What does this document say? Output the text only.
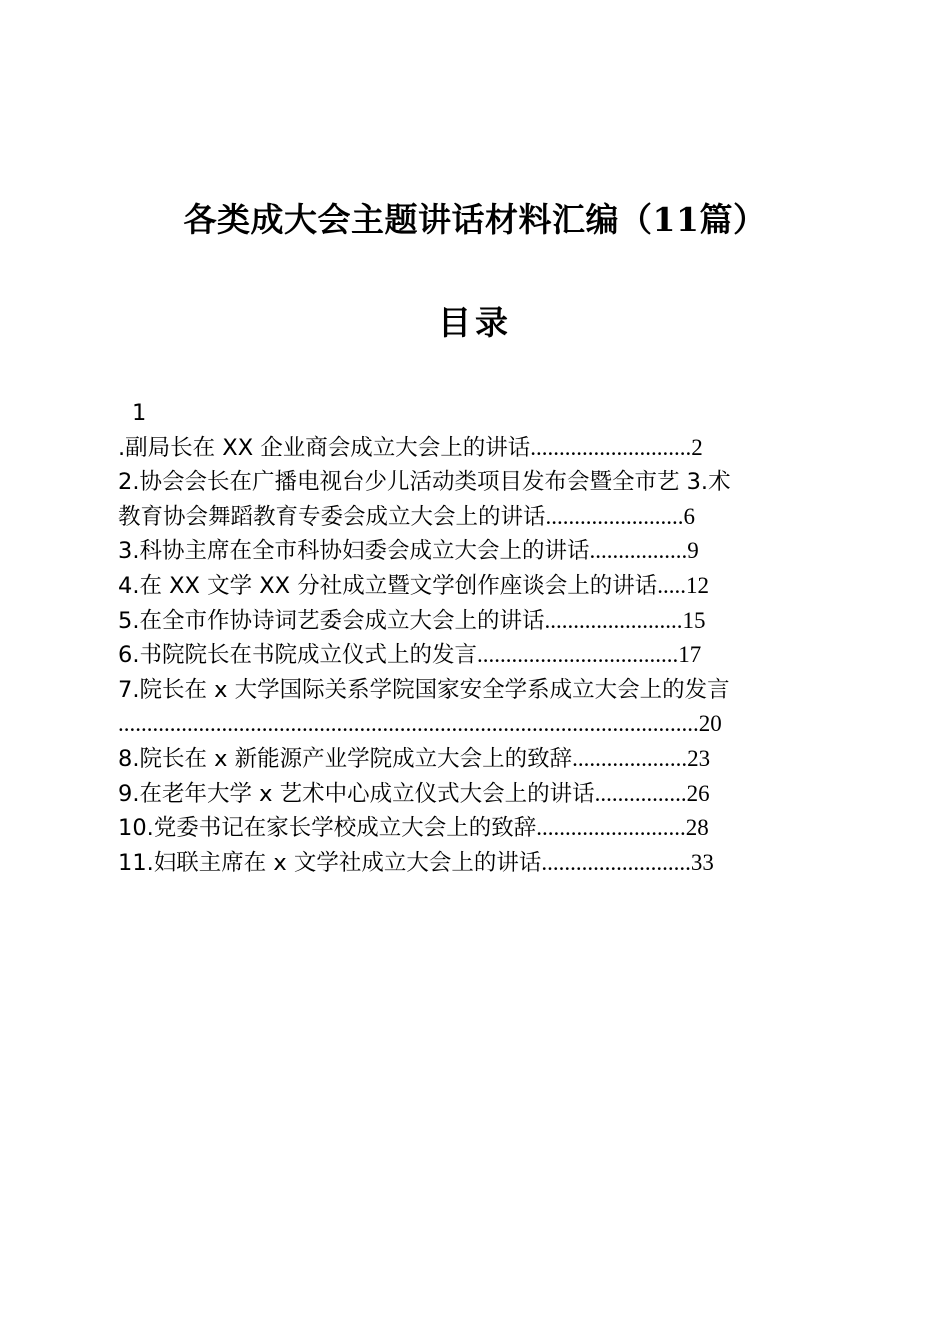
各类成大会主题讲话材料汇编（11篇）
目录
1
.副局长在 XX 企业商会成立大会上的讲话............................2
2.协会会长在广播电视台少儿活动类项目发布会暨全市艺 3.术
教育协会舞蹈教育专委会成立大会上的讲话........................6
3.科协主席在全市科协妇委会成立大会上的讲话.................9
4.在 XX 文学 XX 分社成立暨文学创作座谈会上的讲话.....12
5.在全市作协诗词艺委会成立大会上的讲话........................15
6.书院院长在书院成立仪式上的发言...................................17
7.院长在 x 大学国际关系学院国家安全学系成立大会上的发言
.....................................................................................................20
8.院长在 x 新能源产业学院成立大会上的致辞....................23
9.在老年大学 x 艺术中心成立仪式大会上的讲话................26
10.党委书记在家长学校成立大会上的致辞..........................28
11.妇联主席在 x 文学社成立大会上的讲话..........................33
